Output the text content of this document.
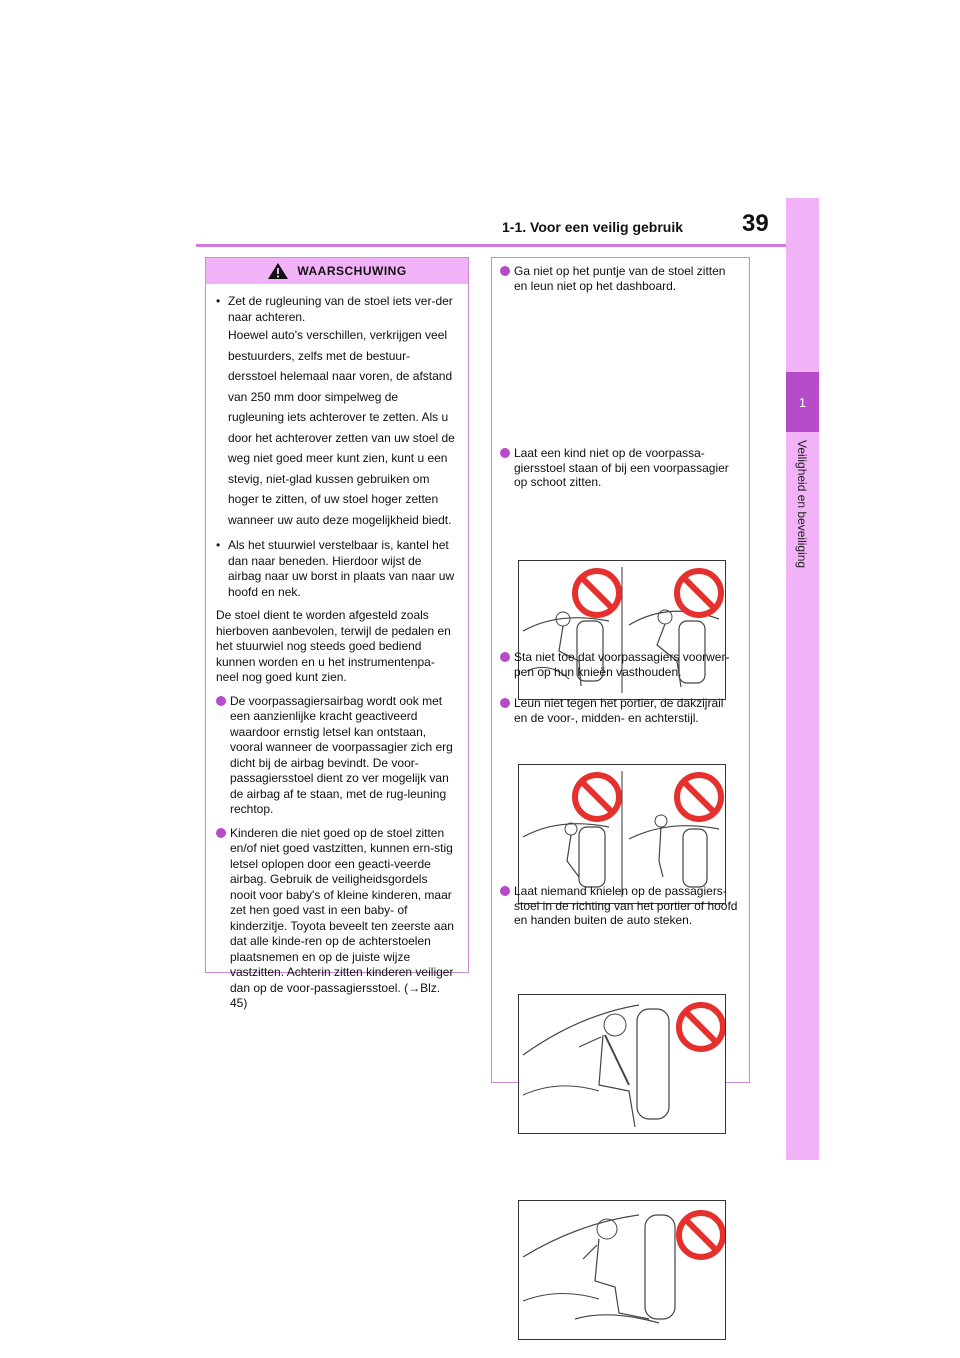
39
1-1. Voor een veilig gebruik
1
Veiligheid en beveiliging
WAARSCHUWING
• Zet de rugleuning van de stoel iets ver-der naar achteren.
Hoewel auto's verschillen, verkrijgen veel bestuurders, zelfs met de bestuur-dersstoel helemaal naar voren, de afstand van 250 mm door simpelweg de rugleuning iets achterover te zetten. Als u door het achterover zetten van uw stoel de weg niet goed meer kunt zien, kunt u een stevig, niet-glad kussen gebruiken om hoger te zitten, of uw stoel hoger zetten wanneer uw auto deze mogelijkheid biedt.
• Als het stuurwiel verstelbaar is, kantel het dan naar beneden. Hierdoor wijst de airbag naar uw borst in plaats van naar uw hoofd en nek.

De stoel dient te worden afgesteld zoals hierboven aanbevolen, terwijl de pedalen en het stuurwiel nog steeds goed bediend kunnen worden en u het instrumentenpa-neel nog goed kunt zien.

De voorpassagiersairbag wordt ook met een aanzienlijke kracht geactiveerd waardoor ernstig letsel kan ontstaan, vooral wanneer de voorpassagier zich erg dicht bij de airbag bevindt. De voor-passagiersstoel dient zo ver mogelijk van de airbag af te staan, met de rug-leuning rechtop.
Kinderen die niet goed op de stoel zitten en/of niet goed vastzitten, kunnen ern-stig letsel oplopen door een geacti-veerde airbag. Gebruik de veiligheidsgordels nooit voor baby's of kleine kinderen, maar zet hen goed vast in een baby- of kinderzitje. Toyota beveelt ten zeerste aan dat alle kinde-ren op de achterstoelen plaatsnemen en op de juiste wijze vastzitten. Achterin zitten kinderen veiliger dan op de voor-passagiersstoel. (→Blz. 45)
Ga niet op het puntje van de stoel zitten en leun niet op het dashboard.
Laat een kind niet op de voorpassa-giersstoel staan of bij een voorpassagier op schoot zitten.
Sta niet toe dat voorpassagiers voorwer-pen op hun knieën vasthouden.
Leun niet tegen het portier, de dakzijrail en de voor-, midden- en achterstijl.
Laat niemand knielen op de passagiers-stoel in de richting van het portier of hoofd en handen buiten de auto steken.
